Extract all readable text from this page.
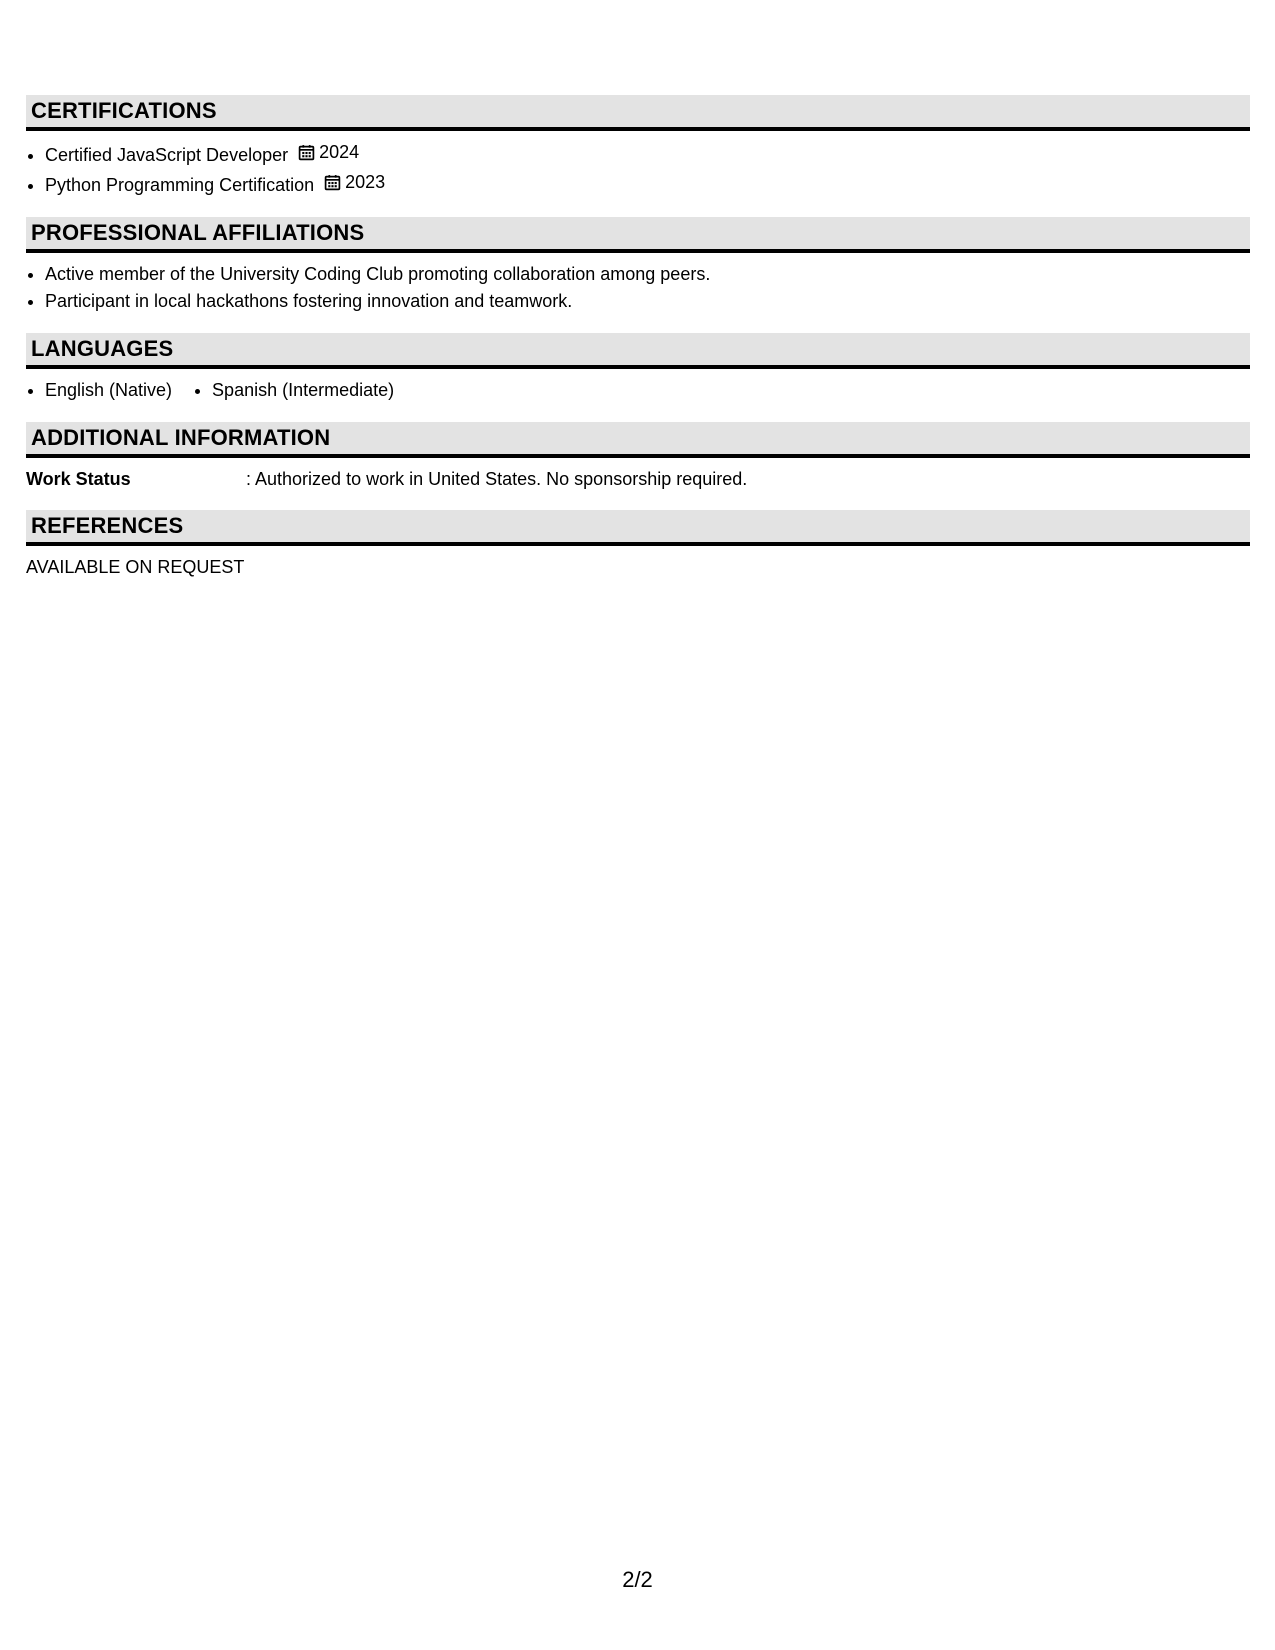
CERTIFICATIONS
• Certified JavaScript Developer 2024
• Python Programming Certification 2023
PROFESSIONAL AFFILIATIONS
• Active member of the University Coding Club promoting collaboration among peers.
• Participant in local hackathons fostering innovation and teamwork.
LANGUAGES
• English (Native)
• Spanish (Intermediate)
ADDITIONAL INFORMATION
Work Status	: Authorized to work in United States. No sponsorship required.
REFERENCES
AVAILABLE ON REQUEST
2/2
